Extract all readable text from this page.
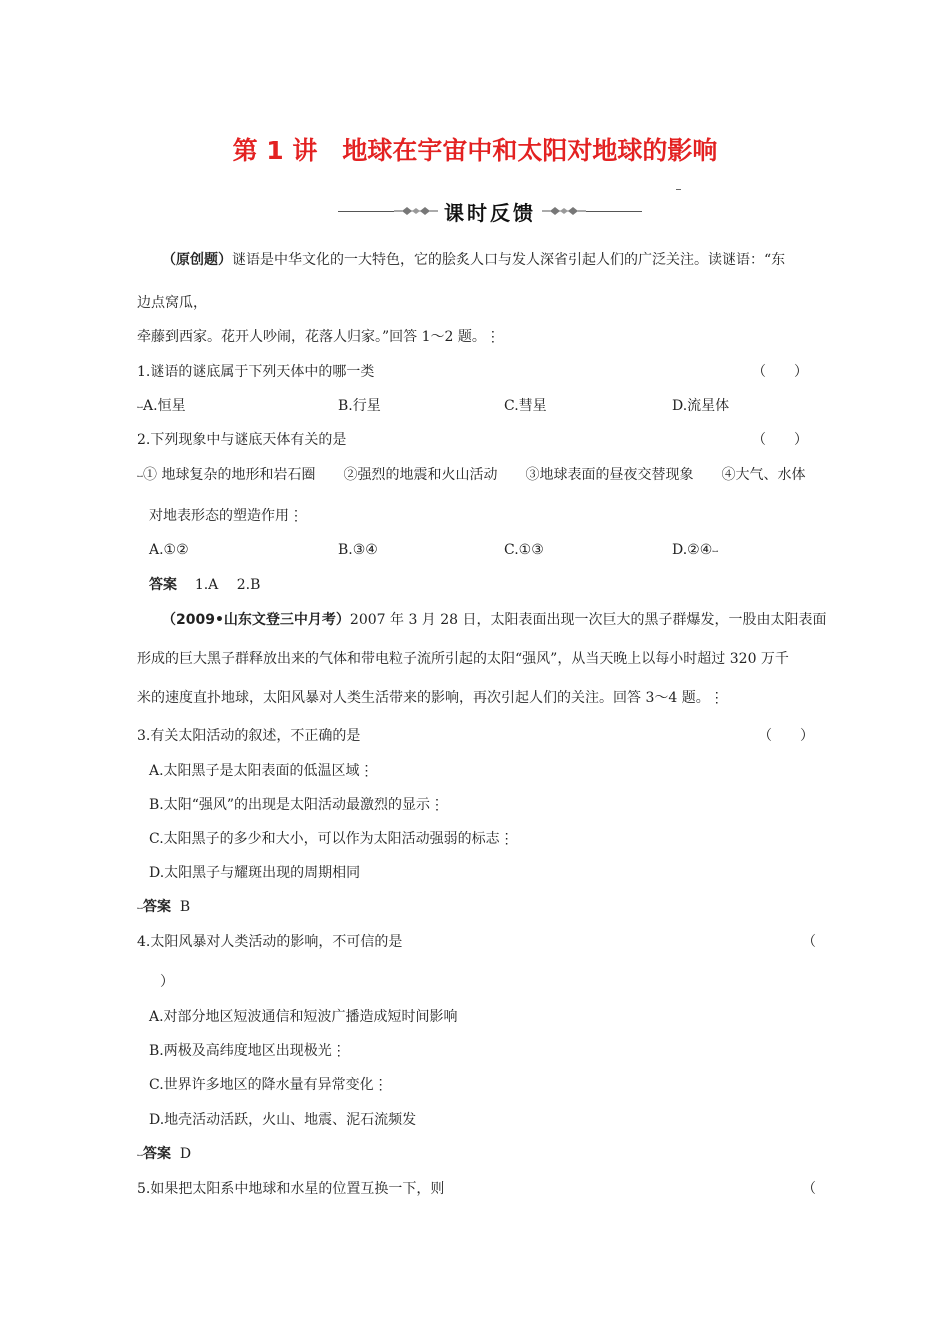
第 1 讲　地球在宇宙中和太阳对地球的影响
课时反馈
（原创题）谜语是中华文化的一大特色，它的脍炙人口与发人深省引起人们的广泛关注。读谜语：“东
边点窝瓜，
牵藤到西家。花开人吵闹，花落人归家。”回答 1～2 题。⋮
1.谜语的谜底属于下列天体中的哪一类	（　　）
⧿A.恒星	B.行星	C.彗星	D.流星体
2.下列现象中与谜底天体有关的是	（　　）
⧿① 地球复杂的地形和岩石圈　　②强烈的地震和火山活动　　③地球表面的昼夜交替现象　　④大气、水体
对地表形态的塑造作用⋮
A.①②	B.③④	C.①③	D.②④⧿
答案 1.A　 2.B
（2009•山东文登三中月考）2007 年 3 月 28 日，太阳表面出现一次巨大的黑子群爆发，一股由太阳表面
形成的巨大黑子群释放出来的气体和带电粒子流所引起的太阳“强风”，从当天晚上以每小时超过 320 万千
米的速度直扑地球，太阳风暴对人类生活带来的影响，再次引起人们的关注。回答 3～4 题。⋮
3.有关太阳活动的叙述，不正确的是	（　　）
A.太阳黑子是太阳表面的低温区域⋮
B.太阳“强风”的出现是太阳活动最激烈的显示⋮
C.太阳黑子的多少和大小，可以作为太阳活动强弱的标志⋮
D.太阳黑子与耀斑出现的周期相同
⧿答案 B
4.太阳风暴对人类活动的影响，不可信的是	（
）
A.对部分地区短波通信和短波广播造成短时间影响
B.两极及高纬度地区出现极光⋮
C.世界许多地区的降水量有异常变化⋮
D.地壳活动活跃，火山、地震、泥石流频发
⧿答案 D
5.如果把太阳系中地球和水星的位置互换一下，则	（
